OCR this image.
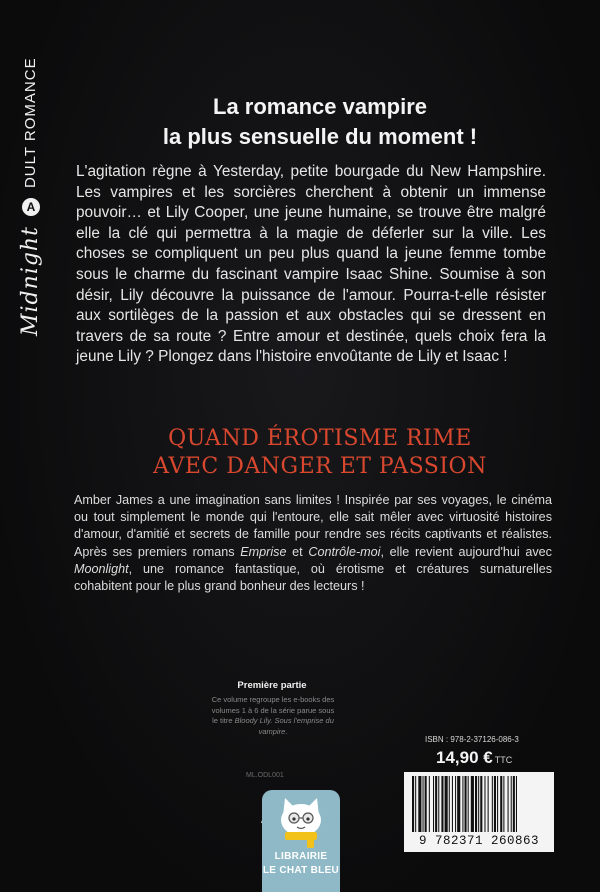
Midnight
A
DULT ROMANCE	La romance vampire
la plus sensuelle du moment !

L'agitation règne à Yesterday, petite bourgade du New Hampshire. Les vampires et les sorcières cherchent à obtenir un immense pouvoir… et Lily Cooper, une jeune humaine, se trouve être malgré elle la clé qui permettra à la magie de déferler sur la ville. Les choses se compliquent un peu plus quand la jeune femme tombe sous le charme du fascinant vampire Isaac Shine. Soumise à son désir, Lily découvre la puissance de l'amour. Pourra-t-elle résister aux sortilèges de la passion et aux obstacles qui se dressent en travers de sa route ? Entre amour et destinée, quels choix fera la jeune Lily ? Plongez dans l'histoire envoûtante de Lily et Isaac !

QUAND ÉROTISME RIME
AVEC DANGER ET PASSION

Amber James a une imagination sans limites ! Inspirée par ses voyages, le cinéma ou tout simplement le monde qui l'entoure, elle sait mêler avec virtuosité histoires d'amour, d'amitié et secrets de famille pour rendre ses récits captivants et réalistes. Après ses premiers romans Emprise et Contrôle-moi, elle revient aujourd'hui avec Moonlight, une romance fantastique, où érotisme et créatures surnaturelles cohabitent pour le plus grand bonheur des lecteurs !

Première partie
Ce volume regroupe les e-books des volumes 1 à 6 de la série parue sous le titre Bloody Lily. Sous l'emprise du vampire.
ML.ODL001
ISBN : 978-2-37126-086-3
14,90 € TTC
9 782371 260863
LIBRAIRIE
LE CHAT BLEU
